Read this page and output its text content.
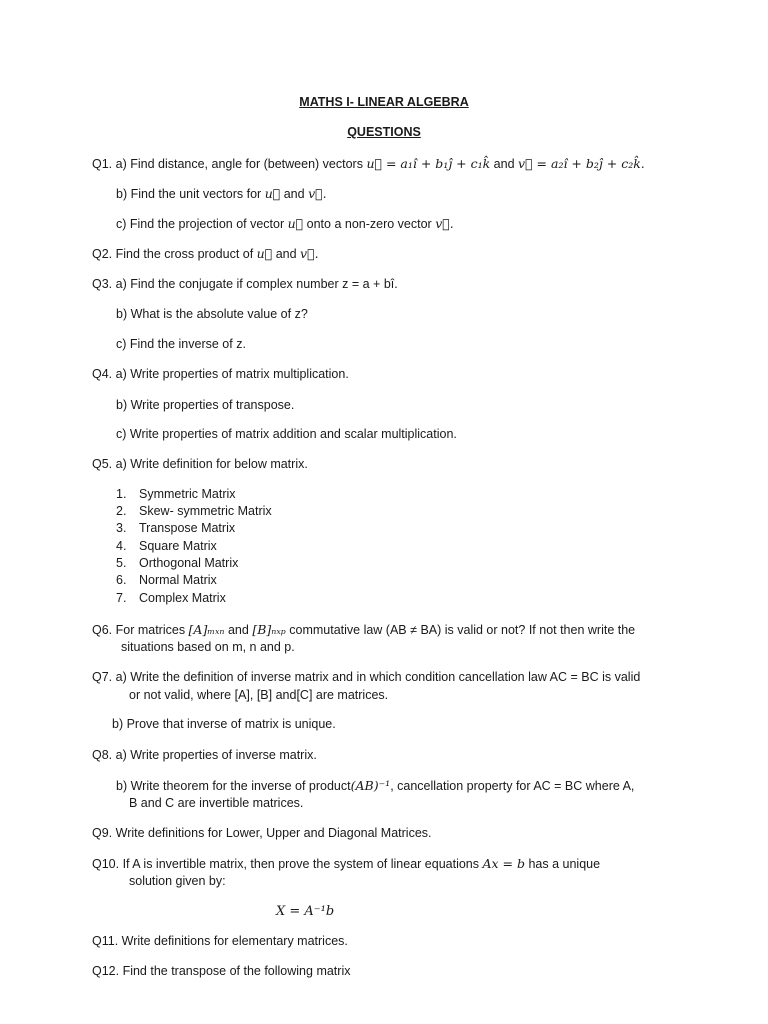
MATHS I- LINEAR ALGEBRA
QUESTIONS
Q1. a) Find distance, angle for (between) vectors u⃗ = a₁î + b₁ĵ + c₁k̂ and v⃗ = a₂î + b₂ĵ + c₂k̂.
b) Find the unit vectors for u⃗ and v⃗.
c) Find the projection of vector u⃗ onto a non-zero vector v⃗.
Q2. Find the cross product of u⃗ and v⃗.
Q3. a) Find the conjugate if complex number z = a + bî.
b) What is the absolute value of z?
c) Find the inverse of z.
Q4. a) Write properties of matrix multiplication.
b) Write properties of transpose.
c) Write properties of matrix addition and scalar multiplication.
Q5. a) Write definition for below matrix.
1. Symmetric Matrix
2. Skew- symmetric Matrix
3. Transpose Matrix
4. Square Matrix
5. Orthogonal Matrix
6. Normal Matrix
7. Complex Matrix
Q6. For matrices [A]ₘₓₙ and [B]ₙₓₚ commutative law (AB ≠ BA) is valid or not? If not then write the
situations based on m, n and p.
Q7. a) Write the definition of inverse matrix and in which condition cancellation law AC = BC is valid
or not valid, where [A], [B] and[C] are matrices.
b) Prove that inverse of matrix is unique.
Q8. a) Write properties of inverse matrix.
b) Write theorem for the inverse of product(AB)⁻¹, cancellation property for AC = BC where A,
B and C are invertible matrices.
Q9. Write definitions for Lower, Upper and Diagonal Matrices.
Q10. If A is invertible matrix, then prove the system of linear equations Ax = b has a unique
solution given by:
X = A⁻¹b
Q11. Write definitions for elementary matrices.
Q12. Find the transpose of the following matrix
